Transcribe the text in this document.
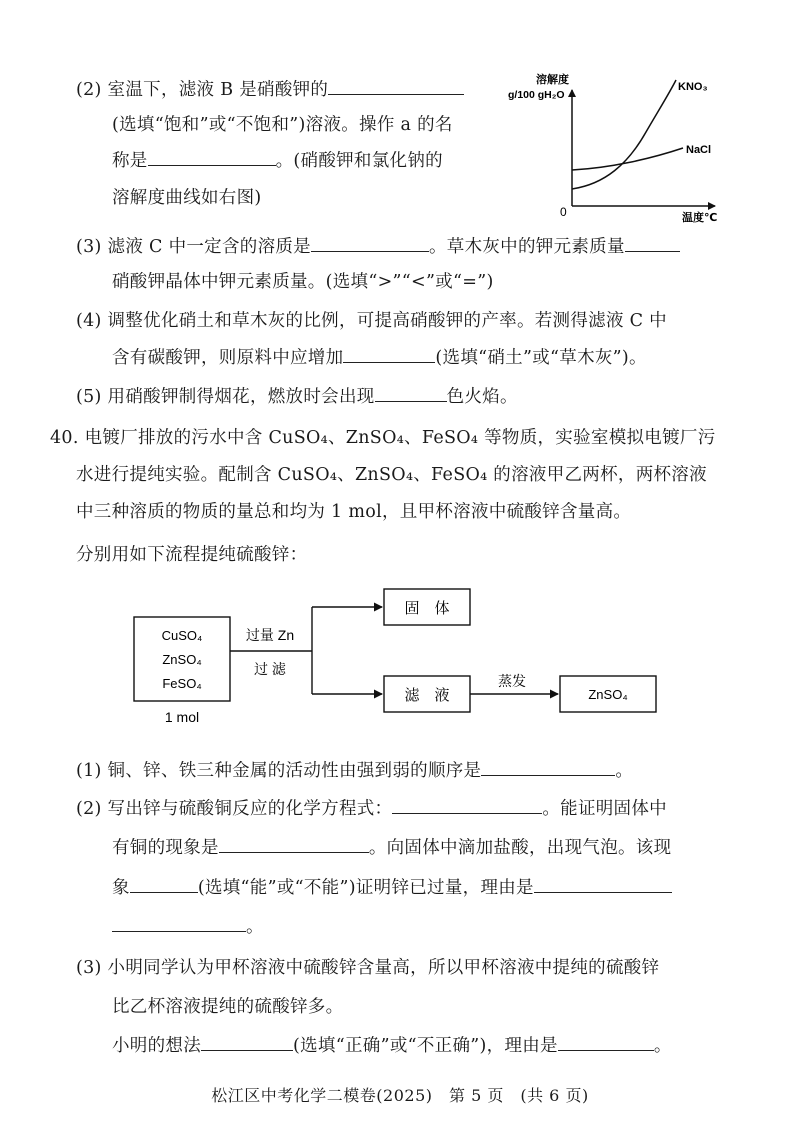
(2) 室温下，滤液 B 是硝酸钾的
(选填“饱和”或“不饱和”)溶液。操作 a 的名
称是	。(硝酸钾和氯化钠的
溶解度曲线如右图)
溶解度
g/100 gH₂O
0	温度℃
KNO₃
NaCl
(3) 滤液 C 中一定含的溶质是	。草木灰中的钾元素质量
硝酸钾晶体中钾元素质量。(选填“>”“<”或“=”)
(4) 调整优化硝土和草木灰的比例，可提高硝酸钾的产率。若测得滤液 C 中
含有碳酸钾，则原料中应增加	(选填“硝土”或“草木灰”)。
(5) 用硝酸钾制得烟花，燃放时会出现	色火焰。
40. 电镀厂排放的污水中含 CuSO₄、ZnSO₄、FeSO₄ 等物质，实验室模拟电镀厂污
水进行提纯实验。配制含 CuSO₄、ZnSO₄、FeSO₄ 的溶液甲乙两杯，两杯溶液
中三种溶质的物质的量总和均为 1 mol，且甲杯溶液中硫酸锌含量高。
分别用如下流程提纯硫酸锌：
CuSO₄
ZnSO₄
FeSO₄
1 mol
过量 Zn
过 滤
固　体
滤　液
蒸发
ZnSO₄
(1) 铜、锌、铁三种金属的活动性由强到弱的顺序是	。
(2) 写出锌与硫酸铜反应的化学方程式：	。能证明固体中
有铜的现象是	。向固体中滴加盐酸，出现气泡。该现
象	(选填“能”或“不能”)证明锌已过量，理由是
。
(3) 小明同学认为甲杯溶液中硫酸锌含量高，所以甲杯溶液中提纯的硫酸锌
比乙杯溶液提纯的硫酸锌多。
小明的想法	(选填“正确”或“不正确”)，理由是	。
松江区中考化学二模卷(2025)　第 5 页　(共 6 页)
